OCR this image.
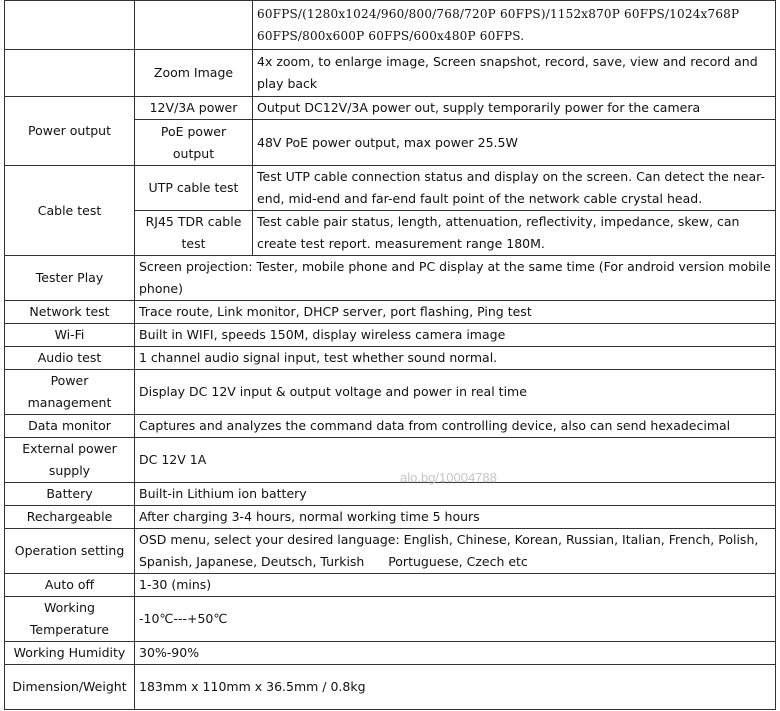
		60FPS/(1280x1024/960/800/768/720P 60FPS)/1152x870P 60FPS/1024x768P 60FPS/800x600P 60FPS/600x480P 60FPS.
	Zoom Image	4x zoom, to enlarge image, Screen snapshot, record, save, view and record and play back
Power output	12V/3A power	Output DC12V/3A power out, supply temporarily power for the camera
	PoE power output	48V PoE power output, max power 25.5W
Cable test	UTP cable test	Test UTP cable connection status and display on the screen. Can detect the near-end, mid-end and far-end fault point of the network cable crystal head.
	RJ45 TDR cable test	Test cable pair status, length, attenuation, reflectivity, impedance, skew, can create test report. measurement range 180M.
Tester Play	Screen projection: Tester, mobile phone and PC display at the same time (For android version mobile phone)	
Network test	Trace route, Link monitor, DHCP server, port flashing, Ping test	
Wi-Fi	Built in WIFI, speeds 150M, display wireless camera image	
Audio test	1 channel audio signal input, test whether sound normal.	
Power management	Display DC 12V input & output voltage and power in real time	
Data monitor	Captures and analyzes the command data from controlling device, also can send hexadecimal	
External power supply	DC 12V 1A	
Battery	Built-in Lithium ion battery	
Rechargeable	After charging 3-4 hours, normal working time 5 hours	
Operation setting	OSD menu, select your desired language: English, Chinese, Korean, Russian, Italian, French, Polish, Spanish, Japanese, Deutsch, Turkish      Portuguese, Czech etc	
Auto off	1-30 (mins)	
Working Temperature	-10℃---+50℃	
Working Humidity	30%-90%	
Dimension/Weight	183mm x 110mm x 36.5mm / 0.8kg	
alo.bg/10004788
